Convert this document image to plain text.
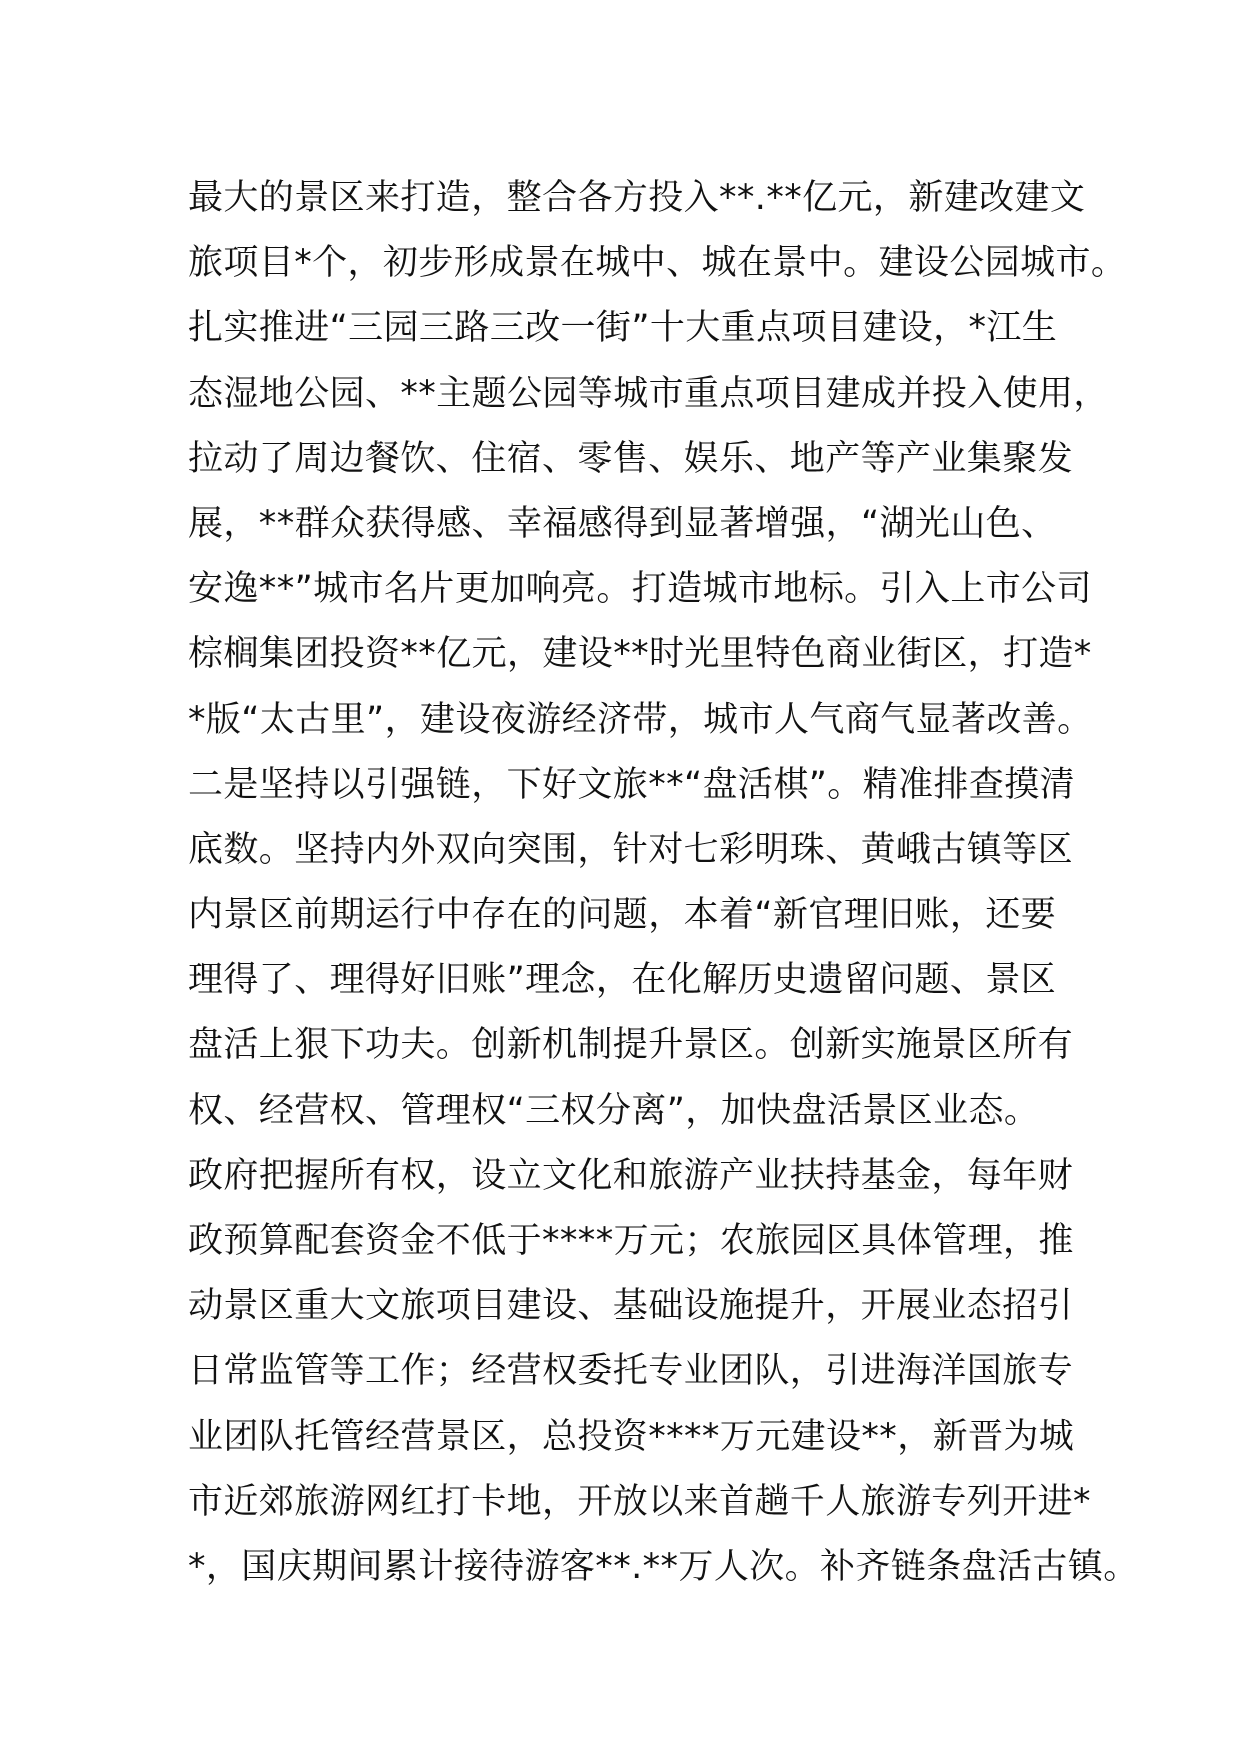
最大的景区来打造，整合各方投入**.**亿元，新建改建文
旅项目*个，初步形成景在城中、城在景中。建设公园城市。
扎实推进“三园三路三改一街”十大重点项目建设，*江生
态湿地公园、**主题公园等城市重点项目建成并投入使用，
拉动了周边餐饮、住宿、零售、娱乐、地产等产业集聚发
展，**群众获得感、幸福感得到显著增强，“湖光山色、
安逸**”城市名片更加响亮。打造城市地标。引入上市公司
棕榈集团投资**亿元，建设**时光里特色商业街区，打造*
*版“太古里”，建设夜游经济带，城市人气商气显著改善。
二是坚持以引强链，下好文旅**“盘活棋”。精准排查摸清
底数。坚持内外双向突围，针对七彩明珠、黄峨古镇等区
内景区前期运行中存在的问题，本着“新官理旧账，还要
理得了、理得好旧账”理念，在化解历史遗留问题、景区
盘活上狠下功夫。创新机制提升景区。创新实施景区所有
权、经营权、管理权“三权分离”，加快盘活景区业态。
政府把握所有权，设立文化和旅游产业扶持基金，每年财
政预算配套资金不低于****万元；农旅园区具体管理，推
动景区重大文旅项目建设、基础设施提升，开展业态招引
日常监管等工作；经营权委托专业团队，引进海洋国旅专
业团队托管经营景区，总投资****万元建设**，新晋为城
市近郊旅游网红打卡地，开放以来首趟千人旅游专列开进*
*，国庆期间累计接待游客**.**万人次。补齐链条盘活古镇。
